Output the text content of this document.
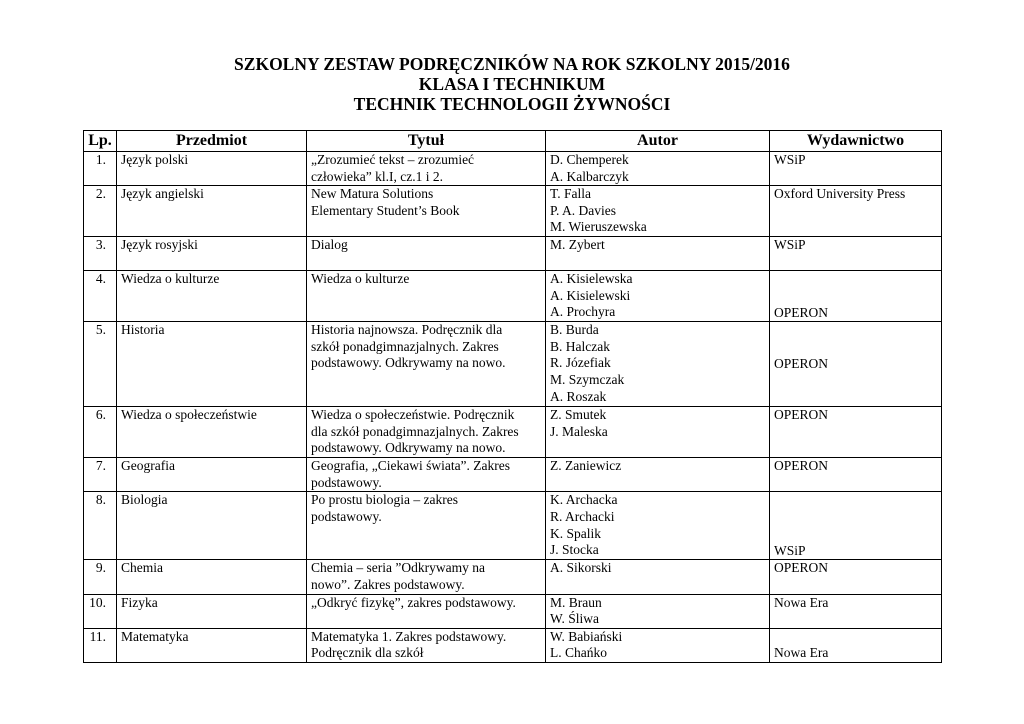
SZKOLNY ZESTAW PODRĘCZNIKÓW NA ROK SZKOLNY 2015/2016
KLASA I TECHNIKUM
TECHNIK TECHNOLOGII ŻYWNOŚCI
Lp.	Przedmiot	Tytuł	Autor	Wydawnictwo
1.	Język polski	„Zrozumieć tekst – zrozumieć
człowieka” kl.I, cz.1 i 2.	D. Chemperek
A. Kalbarczyk	WSiP
2.	Język angielski	New Matura Solutions
Elementary Student’s Book	T. Falla
P. A. Davies
M. Wieruszewska	Oxford University Press
3.	Język rosyjski	Dialog	M. Zybert	WSiP
4.	Wiedza o kulturze	Wiedza o kulturze	A. Kisielewska
A. Kisielewski
A. Prochyra	OPERON
5.	Historia	Historia najnowsza. Podręcznik dla
szkół ponadgimnazjalnych. Zakres
podstawowy. Odkrywamy na nowo.	B. Burda
B. Halczak
R. Józefiak
M. Szymczak
A. Roszak	OPERON
6.	Wiedza o społeczeństwie	Wiedza o społeczeństwie. Podręcznik
dla szkół ponadgimnazjalnych. Zakres
podstawowy. Odkrywamy na nowo.	Z. Smutek
J. Maleska	OPERON
7.	Geografia	Geografia, „Ciekawi świata”. Zakres
podstawowy.	Z. Zaniewicz	OPERON
8.	Biologia	Po prostu biologia – zakres
podstawowy.	K. Archacka
R. Archacki
K. Spalik
J. Stocka	WSiP
9.	Chemia	Chemia – seria ”Odkrywamy na
nowo”. Zakres podstawowy.	A. Sikorski	OPERON
10.	Fizyka	„Odkryć fizykę”, zakres podstawowy.	M. Braun
W. Śliwa	Nowa Era
11.	Matematyka	Matematyka 1. Zakres podstawowy.
Podręcznik dla szkół	W. Babiański
L. Chańko	Nowa Era
